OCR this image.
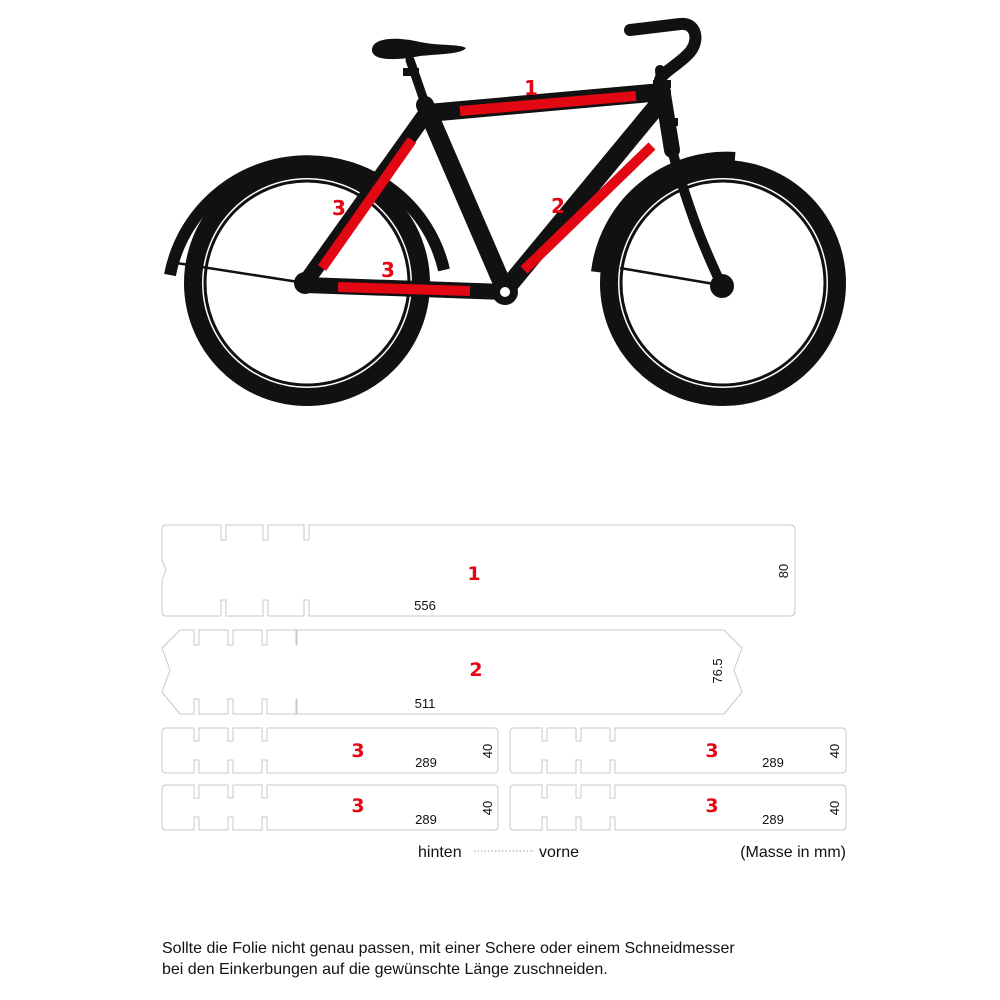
1
2
3
3
1
556
80
2
511
76.5
3
289
40	3
289
40
3
289
40	3
289
40
hinten	vorne	(Masse in mm)
Sollte die Folie nicht genau passen, mit einer Schere oder einem Schneidmesser
bei den Einkerbungen auf die gewünschte Länge zuschneiden.
